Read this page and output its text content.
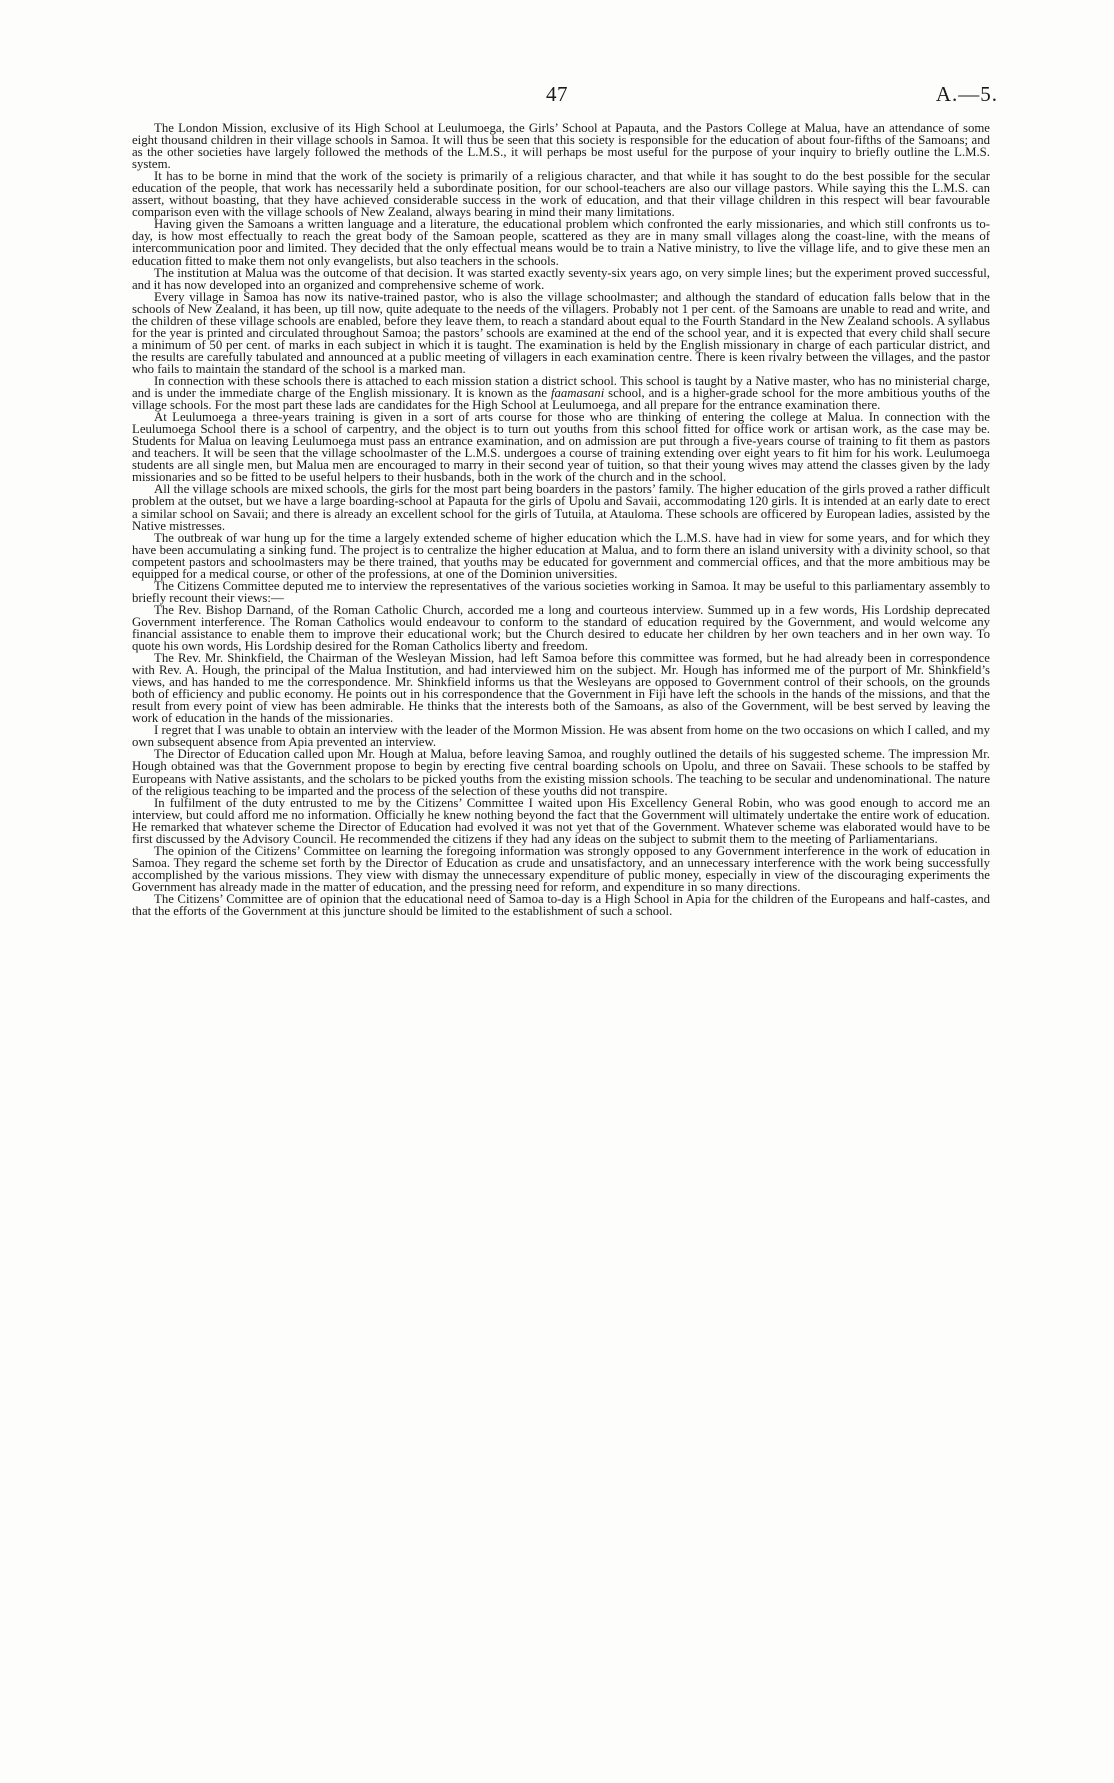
47	A.—5.

The London Mission, exclusive of its High School at Leulumoega, the Girls’ School at Papauta, and the Pastors College at Malua, have an attendance of some eight thousand children in their village schools in Samoa. It will thus be seen that this society is responsible for the education of about four-fifths of the Samoans; and as the other societies have largely followed the methods of the L.M.S., it will perhaps be most useful for the purpose of your inquiry to briefly outline the L.M.S. system.

It has to be borne in mind that the work of the society is primarily of a religious character, and that while it has sought to do the best possible for the secular education of the people, that work has necessarily held a subordinate position, for our school-teachers are also our village pastors. While saying this the L.M.S. can assert, without boasting, that they have achieved considerable success in the work of education, and that their village children in this respect will bear favourable comparison even with the village schools of New Zealand, always bearing in mind their many limitations.

Having given the Samoans a written language and a literature, the educational problem which confronted the early missionaries, and which still confronts us to-day, is how most effectually to reach the great body of the Samoan people, scattered as they are in many small villages along the coast-line, with the means of intercommunication poor and limited. They decided that the only effectual means would be to train a Native ministry, to live the village life, and to give these men an education fitted to make them not only evangelists, but also teachers in the schools.

The institution at Malua was the outcome of that decision. It was started exactly seventy-six years ago, on very simple lines; but the experiment proved successful, and it has now developed into an organized and comprehensive scheme of work.

Every village in Samoa has now its native-trained pastor, who is also the village schoolmaster; and although the standard of education falls below that in the schools of New Zealand, it has been, up till now, quite adequate to the needs of the villagers. Probably not 1 per cent. of the Samoans are unable to read and write, and the children of these village schools are enabled, before they leave them, to reach a standard about equal to the Fourth Standard in the New Zealand schools. A syllabus for the year is printed and circulated throughout Samoa; the pastors’ schools are examined at the end of the school year, and it is expected that every child shall secure a minimum of 50 per cent. of marks in each subject in which it is taught. The examination is held by the English missionary in charge of each particular district, and the results are carefully tabulated and announced at a public meeting of villagers in each examination centre. There is keen rivalry between the villages, and the pastor who fails to maintain the standard of the school is a marked man.

In connection with these schools there is attached to each mission station a district school. This school is taught by a Native master, who has no ministerial charge, and is under the immediate charge of the English missionary. It is known as the faamasani school, and is a higher-grade school for the more ambitious youths of the village schools. For the most part these lads are candidates for the High School at Leulumoega, and all prepare for the entrance examination there.

At Leulumoega a three-years training is given in a sort of arts course for those who are thinking of entering the college at Malua. In connection with the Leulumoega School there is a school of carpentry, and the object is to turn out youths from this school fitted for office work or artisan work, as the case may be. Students for Malua on leaving Leulumoega must pass an entrance examination, and on admission are put through a five-years course of training to fit them as pastors and teachers. It will be seen that the village schoolmaster of the L.M.S. undergoes a course of training extending over eight years to fit him for his work. Leulumoega students are all single men, but Malua men are encouraged to marry in their second year of tuition, so that their young wives may attend the classes given by the lady missionaries and so be fitted to be useful helpers to their husbands, both in the work of the church and in the school.

All the village schools are mixed schools, the girls for the most part being boarders in the pastors’ family. The higher education of the girls proved a rather difficult problem at the outset, but we have a large boarding-school at Papauta for the girls of Upolu and Savaii, accommodating 120 girls. It is intended at an early date to erect a similar school on Savaii; and there is already an excellent school for the girls of Tutuila, at Atauloma. These schools are officered by European ladies, assisted by the Native mistresses.

The outbreak of war hung up for the time a largely extended scheme of higher education which the L.M.S. have had in view for some years, and for which they have been accumulating a sinking fund. The project is to centralize the higher education at Malua, and to form there an island university with a divinity school, so that competent pastors and schoolmasters may be there trained, that youths may be educated for government and commercial offices, and that the more ambitious may be equipped for a medical course, or other of the professions, at one of the Dominion universities.

The Citizens Committee deputed me to interview the representatives of the various societies working in Samoa. It may be useful to this parliamentary assembly to briefly recount their views:—

The Rev. Bishop Darnand, of the Roman Catholic Church, accorded me a long and courteous interview. Summed up in a few words, His Lordship deprecated Government interference. The Roman Catholics would endeavour to conform to the standard of education required by the Government, and would welcome any financial assistance to enable them to improve their educational work; but the Church desired to educate her children by her own teachers and in her own way. To quote his own words, His Lordship desired for the Roman Catholics liberty and freedom.

The Rev. Mr. Shinkfield, the Chairman of the Wesleyan Mission, had left Samoa before this committee was formed, but he had already been in correspondence with Rev. A. Hough, the principal of the Malua Institution, and had interviewed him on the subject. Mr. Hough has informed me of the purport of Mr. Shinkfield’s views, and has handed to me the correspondence. Mr. Shinkfield informs us that the Wesleyans are opposed to Government control of their schools, on the grounds both of efficiency and public economy. He points out in his correspondence that the Government in Fiji have left the schools in the hands of the missions, and that the result from every point of view has been admirable. He thinks that the interests both of the Samoans, as also of the Government, will be best served by leaving the work of education in the hands of the missionaries.

I regret that I was unable to obtain an interview with the leader of the Mormon Mission. He was absent from home on the two occasions on which I called, and my own subsequent absence from Apia prevented an interview.

The Director of Education called upon Mr. Hough at Malua, before leaving Samoa, and roughly outlined the details of his suggested scheme. The impression Mr. Hough obtained was that the Government propose to begin by erecting five central boarding schools on Upolu, and three on Savaii. These schools to be staffed by Europeans with Native assistants, and the scholars to be picked youths from the existing mission schools. The teaching to be secular and undenominational. The nature of the religious teaching to be imparted and the process of the selection of these youths did not transpire.

In fulfilment of the duty entrusted to me by the Citizens’ Committee I waited upon His Excellency General Robin, who was good enough to accord me an interview, but could afford me no information. Officially he knew nothing beyond the fact that the Government will ultimately undertake the entire work of education. He remarked that whatever scheme the Director of Education had evolved it was not yet that of the Government. Whatever scheme was elaborated would have to be first discussed by the Advisory Council. He recommended the citizens if they had any ideas on the subject to submit them to the meeting of Parliamentarians.

The opinion of the Citizens’ Committee on learning the foregoing information was strongly opposed to any Government interference in the work of education in Samoa. They regard the scheme set forth by the Director of Education as crude and unsatisfactory, and an unnecessary interference with the work being successfully accomplished by the various missions. They view with dismay the unnecessary expenditure of public money, especially in view of the discouraging experiments the Government has already made in the matter of education, and the pressing need for reform, and expenditure in so many directions.

The Citizens’ Committee are of opinion that the educational need of Samoa to-day is a High School in Apia for the children of the Europeans and half-castes, and that the efforts of the Government at this juncture should be limited to the establishment of such a school.
